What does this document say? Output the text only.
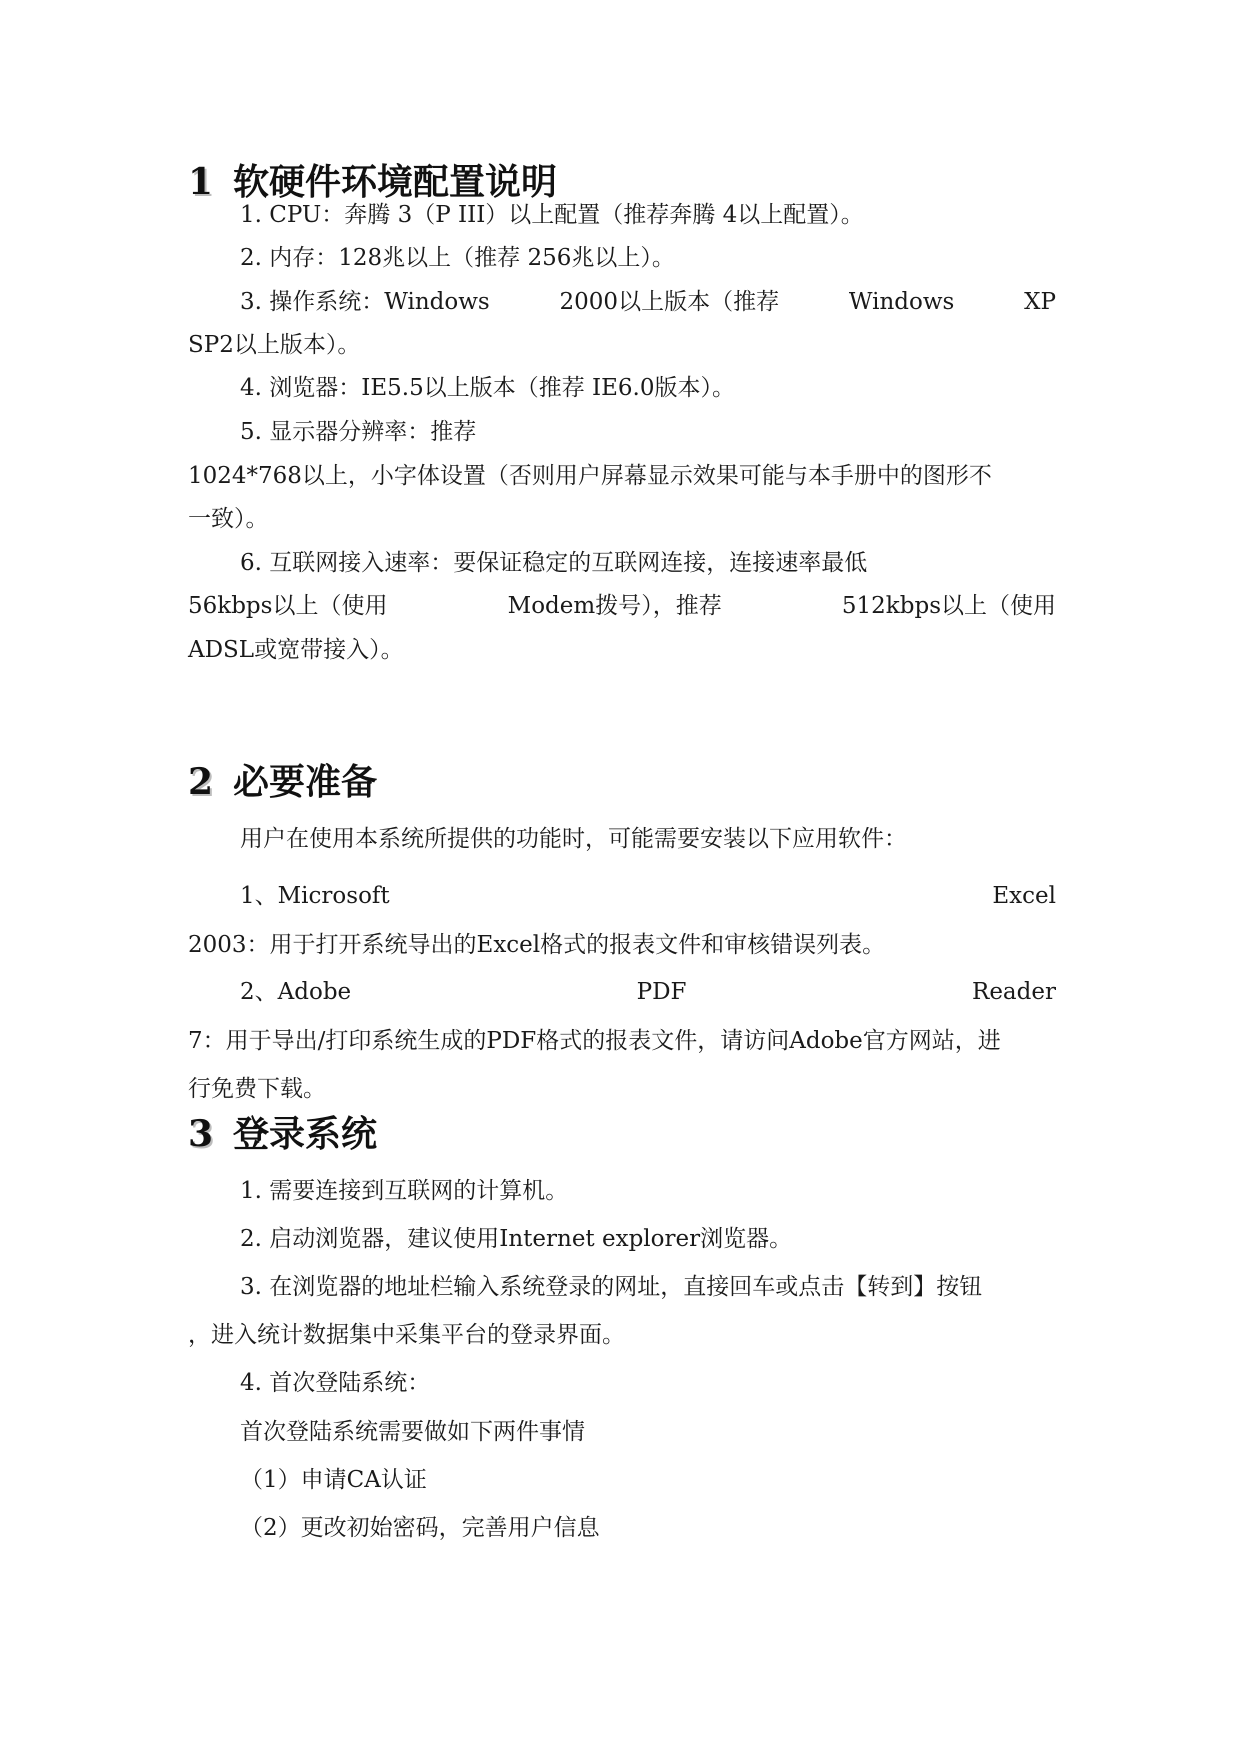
1 软硬件环境配置说明
1. CPU：奔腾 3（P III）以上配置（推荐奔腾 4以上配置）。
2. 内存：128兆以上（推荐 256兆以上）。
3. 操作系统：Windows	2000以上版本（推荐	Windows	XP
SP2以上版本）。
4. 浏览器：IE5.5以上版本（推荐 IE6.0版本）。
5. 显示器分辨率：推荐
1024*768以上，小字体设置（否则用户屏幕显示效果可能与本手册中的图形不
一致）。
6. 互联网接入速率：要保证稳定的互联网连接，连接速率最低
56kbps以上（使用	Modem拨号），推荐	512kbps以上（使用
ADSL或宽带接入）。
2 必要准备
用户在使用本系统所提供的功能时，可能需要安装以下应用软件：
1、Microsoft	Excel
2003：用于打开系统导出的Excel格式的报表文件和审核错误列表。
2、Adobe	PDF	Reader
7：用于导出/打印系统生成的PDF格式的报表文件，请访问Adobe官方网站，进
行免费下载。
3 登录系统
1. 需要连接到互联网的计算机。
2. 启动浏览器，建议使用Internet explorer浏览器。
3. 在浏览器的地址栏输入系统登录的网址，直接回车或点击【转到】按钮
，进入统计数据集中采集平台的登录界面。
4. 首次登陆系统：
首次登陆系统需要做如下两件事情
（1）申请CA认证
（2）更改初始密码，完善用户信息
